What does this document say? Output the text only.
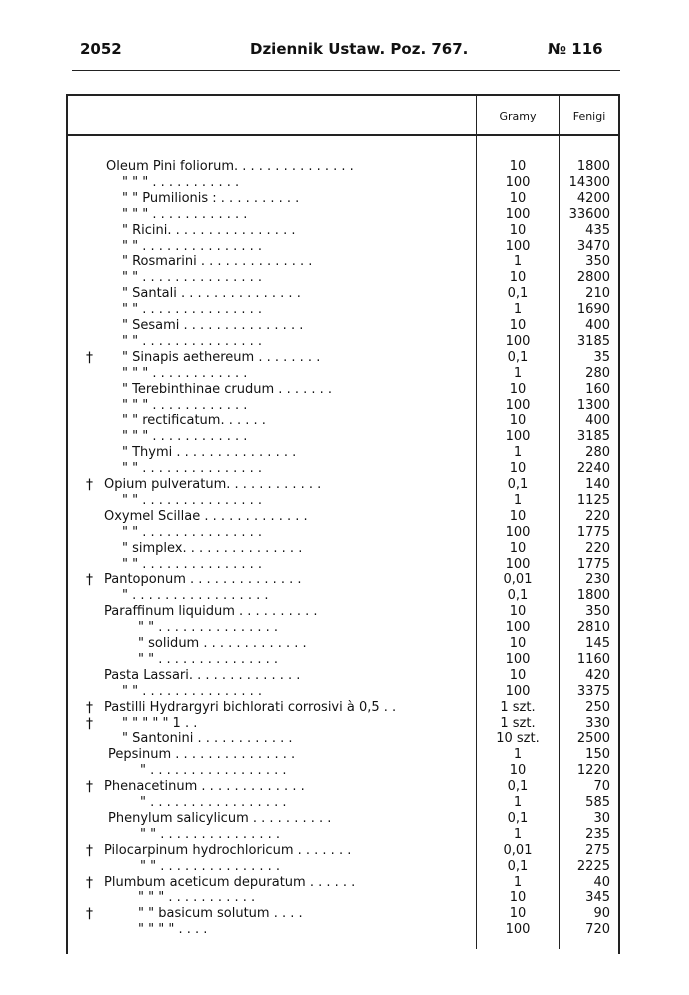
2052	Dziennik Ustaw. Poz. 767.	№ 116
Gramy	Fenigi
Oleum Pini foliorum. . . . . . . . . . . . . . .	10	1800
" " " . . . . . . . . . . .	100	14300
" " Pumilionis : . . . . . . . . . .	10	4200
" " " . . . . . . . . . . . .	100	33600
" Ricini. . . . . . . . . . . . . . . .	10	435
" " . . . . . . . . . . . . . . .	100	3470
" Rosmarini . . . . . . . . . . . . . .	1	350
" " . . . . . . . . . . . . . . .	10	2800
" Santali . . . . . . . . . . . . . . .	0,1	210
" " . . . . . . . . . . . . . . .	1	1690
" Sesami . . . . . . . . . . . . . . .	10	400
" " . . . . . . . . . . . . . . .	100	3185
† " Sinapis aethereum . . . . . . . .	0,1	35
" " " . . . . . . . . . . . .	1	280
" Terebinthinae crudum . . . . . . .	10	160
" " " . . . . . . . . . . . .	100	1300
" " rectificatum. . . . . .	10	400
" " " . . . . . . . . . . . .	100	3185
" Thymi . . . . . . . . . . . . . . .	1	280
" " . . . . . . . . . . . . . . .	10	2240
† Opium pulveratum. . . . . . . . . . . .	0,1	140
" " . . . . . . . . . . . . . . .	1	1125
Oxymel Scillae . . . . . . . . . . . . .	10	220
" " . . . . . . . . . . . . . . .	100	1775
" simplex. . . . . . . . . . . . . . .	10	220
" " . . . . . . . . . . . . . . .	100	1775
† Pantoponum . . . . . . . . . . . . . .	0,01	230
" . . . . . . . . . . . . . . . . .	0,1	1800
Paraffinum liquidum . . . . . . . . . .	10	350
" " . . . . . . . . . . . . . . .	100	2810
" solidum . . . . . . . . . . . . .	10	145
" " . . . . . . . . . . . . . . .	100	1160
Pasta Lassari. . . . . . . . . . . . . .	10	420
" " . . . . . . . . . . . . . . .	100	3375
† Pastilli Hydrargyri bichlorati corrosivi à 0,5 . .	1 szt.	250
† " " " " " 1 . .	1 szt.	330
" Santonini . . . . . . . . . . . .	10 szt.	2500
Pepsinum . . . . . . . . . . . . . . .	1	150
" . . . . . . . . . . . . . . . . .	10	1220
† Phenacetinum . . . . . . . . . . . . .	0,1	70
" . . . . . . . . . . . . . . . . .	1	585
Phenylum salicylicum . . . . . . . . . .	0,1	30
" " . . . . . . . . . . . . . . .	1	235
† Pilocarpinum hydrochloricum . . . . . . .	0,01	275
" " . . . . . . . . . . . . . . .	0,1	2225
† Plumbum aceticum depuratum . . . . . .	1	40
" " " . . . . . . . . . . .	10	345
†	" " basicum solutum . . . .	10	90
" " " " . . . .	100	720
